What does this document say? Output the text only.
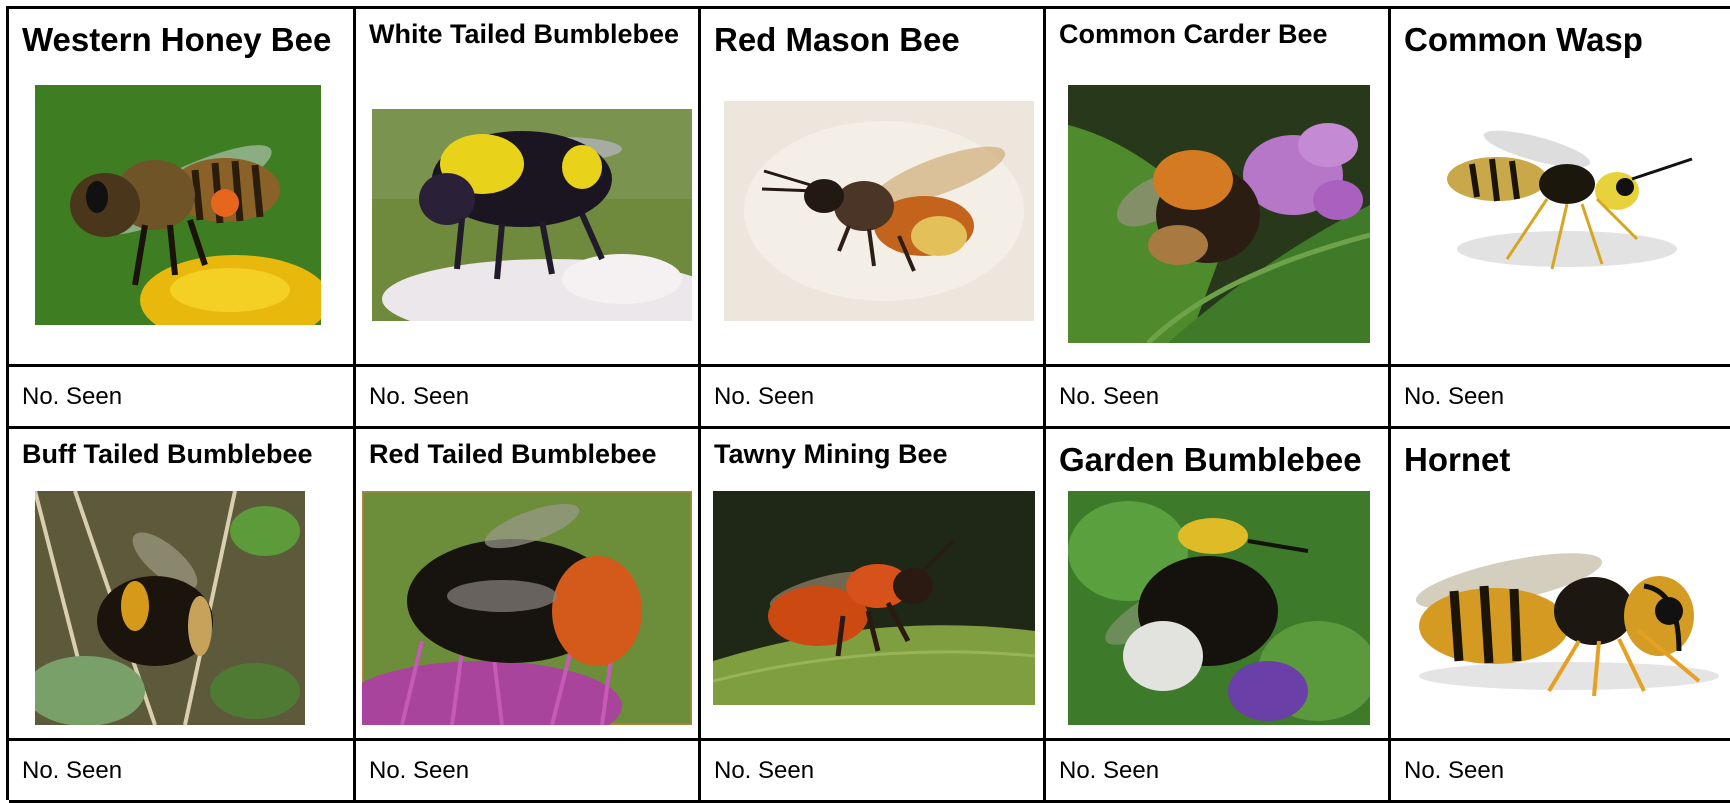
Western Honey Bee	White Tailed Bumblebee	Red Mason Bee	Common Carder Bee	Common Wasp
No. Seen	No. Seen	No. Seen	No. Seen	No. Seen
Buff Tailed Bumblebee	Red Tailed Bumblebee	Tawny Mining Bee	Garden Bumblebee	Hornet
No. Seen	No. Seen	No. Seen	No. Seen	No. Seen
